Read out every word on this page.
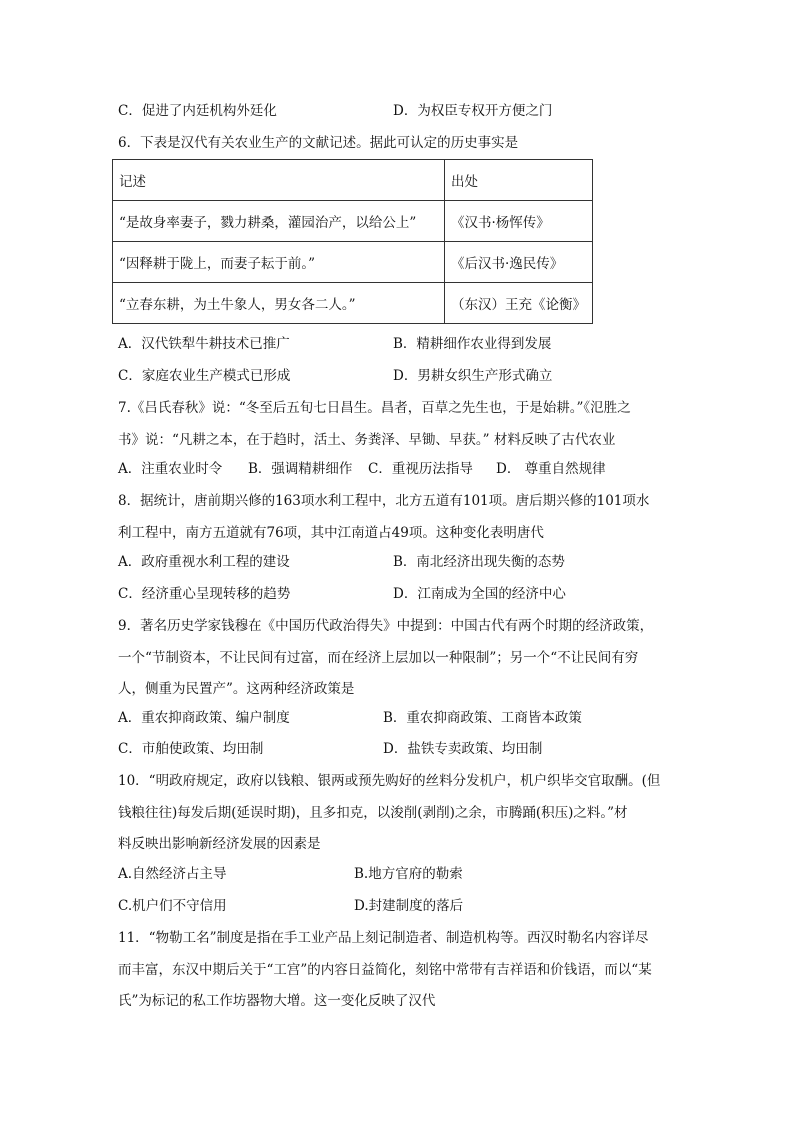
C．促进了内廷机构外廷化	D．为权臣专权开方便之门
6．下表是汉代有关农业生产的文献记述。据此可认定的历史事实是
记述	出处
“是故身率妻子，戮力耕桑，灌园治产，以给公上”	《汉书·杨恽传》
“因释耕于陇上，而妻子耘于前。”	《后汉书·逸民传》
“立春东耕，为土牛象人，男女各二人。”	（东汉）王充《论衡》
A．汉代铁犁牛耕技术已推广	B．精耕细作农业得到发展
C．家庭农业生产模式已形成	D．男耕女织生产形式确立
7.《吕氏春秋》说：“冬至后五旬七日昌生。昌者，百草之先生也，于是始耕。”《氾胜之
书》说：“凡耕之本，在于趋时，活土、务粪泽、早锄、早获。” 材料反映了古代农业
A．注重农业时令 B．强调精耕细作 C．重视历法指导 D． 尊重自然规律
8．据统计，唐前期兴修的163项水利工程中，北方五道有101项。唐后期兴修的101项水
利工程中，南方五道就有76项，其中江南道占49项。这种变化表明唐代
A．政府重视水利工程的建设	B．南北经济出现失衡的态势
C．经济重心呈现转移的趋势	D．江南成为全国的经济中心
9．著名历史学家钱穆在《中国历代政治得失》中提到：中国古代有两个时期的经济政策，
一个“节制资本，不让民间有过富，而在经济上层加以一种限制”；另一个“不让民间有穷
人，侧重为民置产”。这两种经济政策是
A．重农抑商政策、编户制度	B．重农抑商政策、工商皆本政策
C．市舶使政策、均田制	D．盐铁专卖政策、均田制
10．“明政府规定，政府以钱粮、银两或预先购好的丝料分发机户，机户织毕交官取酬。(但
钱粮往往)每发后期(延误时期)，且多扣克，以浚削(剥削)之余，市腾踊(积压)之料。”材
料反映出影响新经济发展的因素是
A.自然经济占主导	B.地方官府的勒索
C.机户们不守信用	D.封建制度的落后
11．“物勒工名”制度是指在手工业产品上刻记制造者、制造机构等。西汉时勒名内容详尽
而丰富，东汉中期后关于“工宫”的内容日益简化，刻铭中常带有吉祥语和价钱语，而以“某
氏”为标记的私工作坊器物大增。这一变化反映了汉代
